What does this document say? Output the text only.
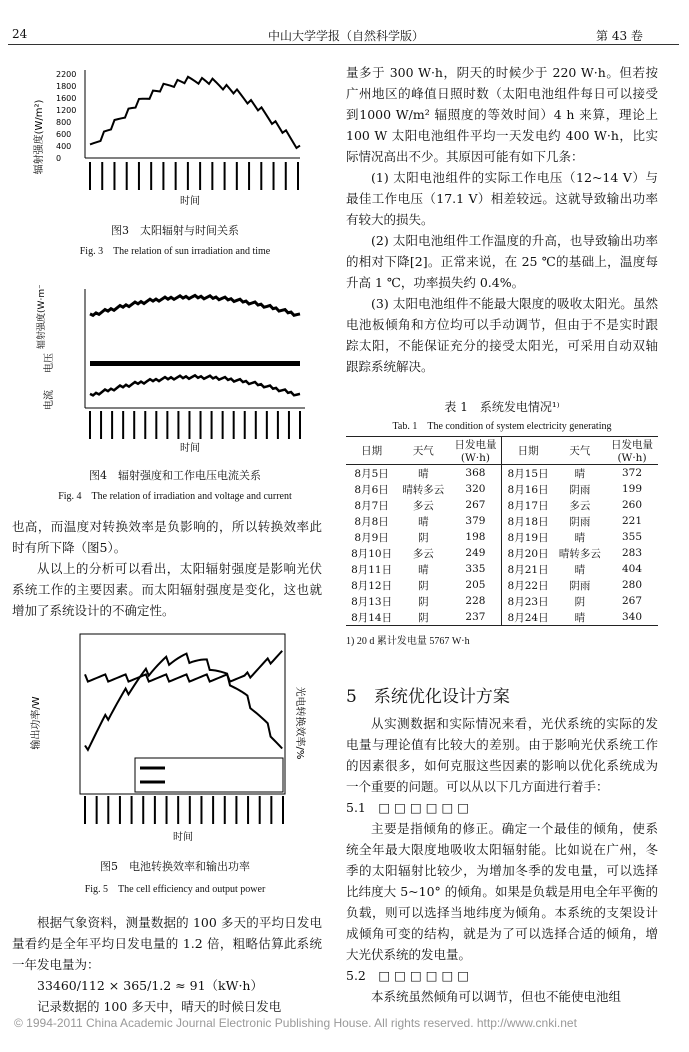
24	中山大学学报（自然科学版）	第 43 卷
辐射强度(W/m²)
2200
1800
1600
1200
800
600
400
0
时间

图3　太阳辐射与时间关系

Fig. 3　The relation of sun irradiation and time

辐射强度(W·m⁻²)
电压
电流
时间

图4　辐射强度和工作电压电流关系

Fig. 4　The relation of irradiation and voltage and current

也高，而温度对转换效率是负影响的，所以转换效率此时有所下降（图5）。

从以上的分析可以看出，太阳辐射强度是影响光伏系统工作的主要因素。而太阳辐射强度是变化，这也就增加了系统设计的不确定性。

输出功率/W	光电转换效率/%
时间

图5　电池转换效率和输出功率

Fig. 5　The cell efficiency and output power

根据气象资料，测量数据的 100 多天的平均日发电量看约是全年平均日发电量的 1.2 倍，粗略估算此系统一年发电量为：

33460/112 × 365/1.2 ≈ 91（kW·h）

记录数据的 100 多天中，晴天的时候日发电

量多于 300 W·h，阴天的时候少于 220 W·h。但若按广州地区的峰值日照时数（太阳电池组件每日可以接受到1000 W/m² 辐照度的等效时间）4 h 来算，理论上 100 W 太阳电池组件平均一天发电约 400 W·h，比实际情况高出不少。其原因可能有如下几条：

(1) 太阳电池组件的实际工作电压（12~14 V）与最佳工作电压（17.1 V）相差较远。这就导致输出功率有较大的损失。

(2) 太阳电池组件工作温度的升高，也导致输出功率的相对下降[2]。正常来说，在 25 ℃的基础上，温度每升高 1 ℃，功率损失约 0.4%。

(3) 太阳电池组件不能最大限度的吸收太阳光。虽然电池板倾角和方位均可以手动调节，但由于不是实时跟踪太阳，不能保证充分的接受太阳光，可采用自动双轴跟踪系统解决。

表 1　系统发电情况¹⁾

Tab. 1　The condition of system electricity generating

日期	天气	日发电量(W·h)	日期	天气	日发电量(W·h)
8月5日	晴	368	8月15日	晴	372
8月6日	晴转多云	320	8月16日	阴雨	199
8月7日	多云	267	8月17日	多云	260
8月8日	晴	379	8月18日	阴雨	221
8月9日	阴	198	8月19日	晴	355
8月10日	多云	249	8月20日	晴转多云	283
8月11日	晴	335	8月21日	晴	404
8月12日	阴	205	8月22日	阴雨	280
8月13日	阴	228	8月23日	阴	267
8月14日	阴	237	8月24日	晴	340

1) 20 d 累计发电量 5767 W·h

5　系统优化设计方案

从实测数据和实际情况来看，光伏系统的实际的发电量与理论值有比较大的差别。由于影响光伏系统工作的因素很多，如何克服这些因素的影响以优化系统成为一个重要的问题。可以从以下几方面进行着手：

5.1　□ □ □ □ □ □

主要是指倾角的修正。确定一个最佳的倾角，使系统全年最大限度地吸收太阳辐射能。比如说在广州，冬季的太阳辐射比较少，为增加冬季的发电量，可以选择比纬度大 5~10° 的倾角。如果是负载是用电全年平衡的负载，则可以选择当地纬度为倾角。本系统的支架设计成倾角可变的结构，就是为了可以选择合适的倾角，增大光伏系统的发电量。

5.2　□ □ □ □ □ □

本系统虽然倾角可以调节，但也不能使电池组

© 1994-2011 China Academic Journal Electronic Publishing House. All rights reserved. http://www.cnki.net
